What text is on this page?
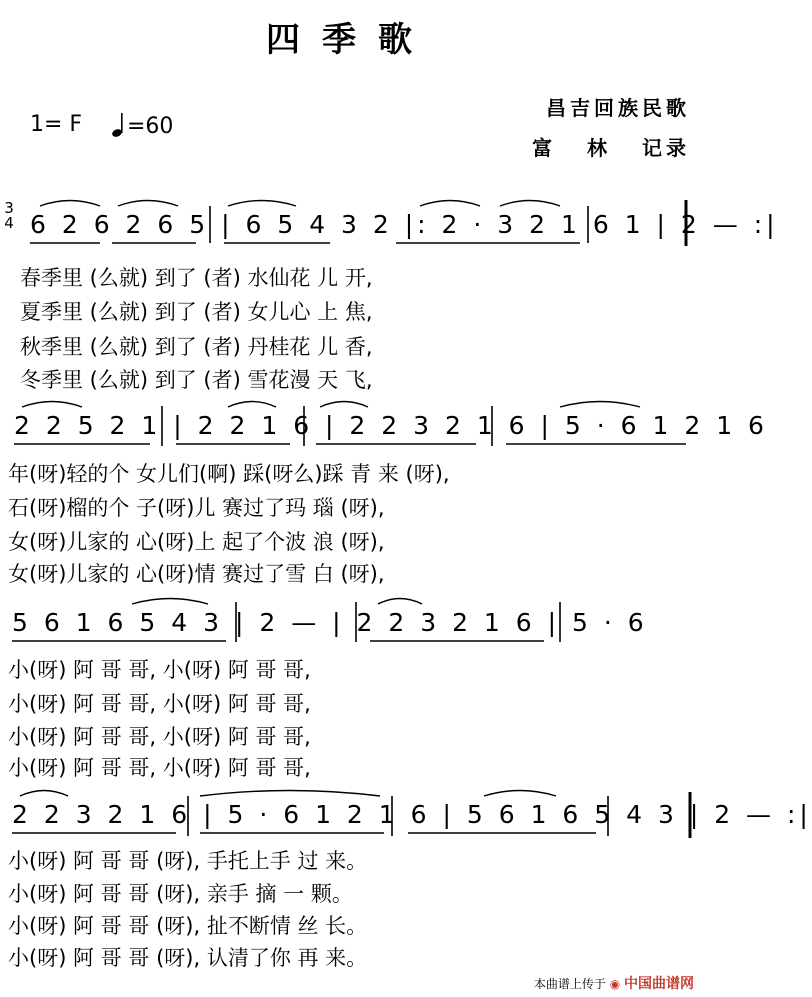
四季歌
1= F	=60
昌吉回族民歌
富 林 记录
3
4 6 2 6 2 6 5 | 6 5 4 3 2 |: 2 · 3 2 1 6 1 | 2 — :|
春季里 (么就) 到了 (者) 水仙花 儿 开,
夏季里 (么就) 到了 (者) 女儿心 上 焦,
秋季里 (么就) 到了 (者) 丹桂花 儿 香,
冬季里 (么就) 到了 (者) 雪花漫 天 飞,
2 2 5 2 1 | 2 2 1 6 | 2 2 3 2 1 6 | 5 · 6 1 2 1 6
年(呀)轻的个 女儿们(啊) 踩(呀么)踩 青 来 (呀),
石(呀)榴的个 子(呀)儿 赛过了玛 瑙 (呀),
女(呀)儿家的 心(呀)上 起了个波 浪 (呀),
女(呀)儿家的 心(呀)情 赛过了雪 白 (呀),
5 6 1 6 5 4 3 | 2 — | 2 2 3 2 1 6 | 5 · 6
小(呀) 阿 哥 哥, 小(呀) 阿 哥 哥,
小(呀) 阿 哥 哥, 小(呀) 阿 哥 哥,
小(呀) 阿 哥 哥, 小(呀) 阿 哥 哥,
小(呀) 阿 哥 哥, 小(呀) 阿 哥 哥,
2 2 3 2 1 6 | 5 · 6 1 2 1 6 | 5 6 1 6 5 4 3 | 2 — :|
小(呀) 阿 哥 哥 (呀), 手托上手 过 来。
小(呀) 阿 哥 哥 (呀), 亲手 摘 一 颗。
小(呀) 阿 哥 哥 (呀), 扯不断情 丝 长。
小(呀) 阿 哥 哥 (呀), 认清了你 再 来。
本曲谱上传于 ◉ 中国曲谱网
